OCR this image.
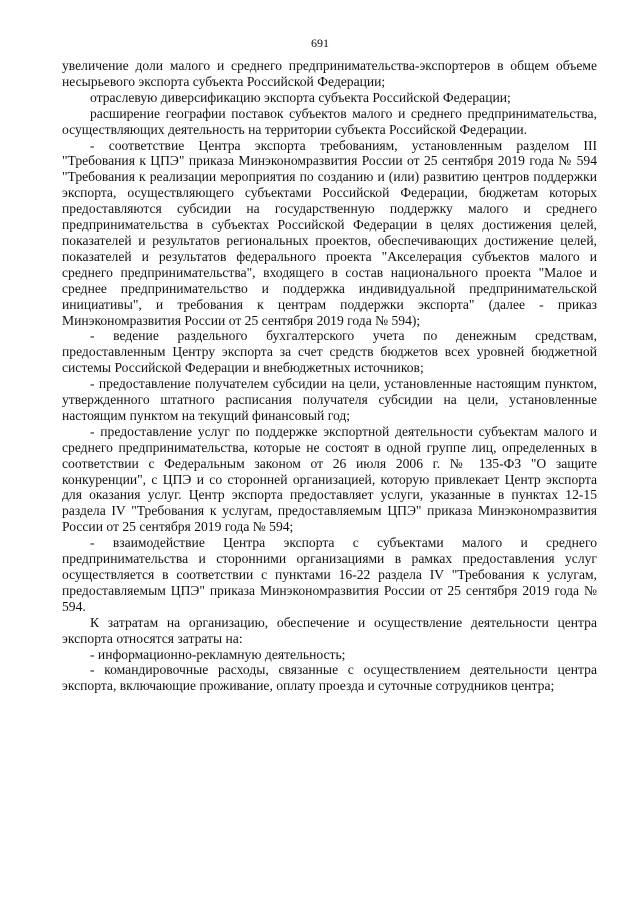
691

увеличение доли малого и среднего предпринимательства-экспортеров в общем объеме несырьевого экспорта субъекта Российской Федерации;

отраслевую диверсификацию экспорта субъекта Российской Федерации;

расширение географии поставок субъектов малого и среднего предпринимательства, осуществляющих деятельность на территории субъекта Российской Федерации.

- соответствие Центра экспорта требованиям, установленным разделом III "Требования к ЦПЭ" приказа Минэкономразвития России от 25 сентября 2019 года № 594 "Требования к реализации мероприятия по созданию и (или) развитию центров поддержки экспорта, осуществляющего субъектами Российской Федерации, бюджетам которых предоставляются субсидии на государственную поддержку малого и среднего предпринимательства в субъектах Российской Федерации в целях достижения целей, показателей и результатов региональных проектов, обеспечивающих достижение целей, показателей и результатов федерального проекта "Акселерация субъектов малого и среднего предпринимательства", входящего в состав национального проекта "Малое и среднее предпринимательство и поддержка индивидуальной предпринимательской инициативы", и требования к центрам поддержки экспорта" (далее - приказ Минэкономразвития России от 25 сентября 2019 года № 594);

- ведение раздельного бухгалтерского учета по денежным средствам, предоставленным Центру экспорта за счет средств бюджетов всех уровней бюджетной системы Российской Федерации и внебюджетных источников;

- предоставление получателем субсидии на цели, установленные настоящим пунктом, утвержденного штатного расписания получателя субсидии на цели, установленные настоящим пунктом на текущий финансовый год;

- предоставление услуг по поддержке экспортной деятельности субъектам малого и среднего предпринимательства, которые не состоят в одной группе лиц, определенных в соответствии с Федеральным законом от 26 июля 2006 г. № 135-ФЗ "О защите конкуренции", с ЦПЭ и со сторонней организацией, которую привлекает Центр экспорта для оказания услуг. Центр экспорта предоставляет услуги, указанные в пунктах 12-15 раздела IV "Требования к услугам, предоставляемым ЦПЭ" приказа Минэкономразвития России от 25 сентября 2019 года № 594;

- взаимодействие Центра экспорта с субъектами малого и среднего предпринимательства и сторонними организациями в рамках предоставления услуг осуществляется в соответствии с пунктами 16-22 раздела IV "Требования к услугам, предоставляемым ЦПЭ" приказа Минэкономразвития России от 25 сентября 2019 года № 594.

К затратам на организацию, обеспечение и осуществление деятельности центра экспорта относятся затраты на:

- информационно-рекламную деятельность;

- командировочные расходы, связанные с осуществлением деятельности центра экспорта, включающие проживание, оплату проезда и суточные сотрудников центра;
